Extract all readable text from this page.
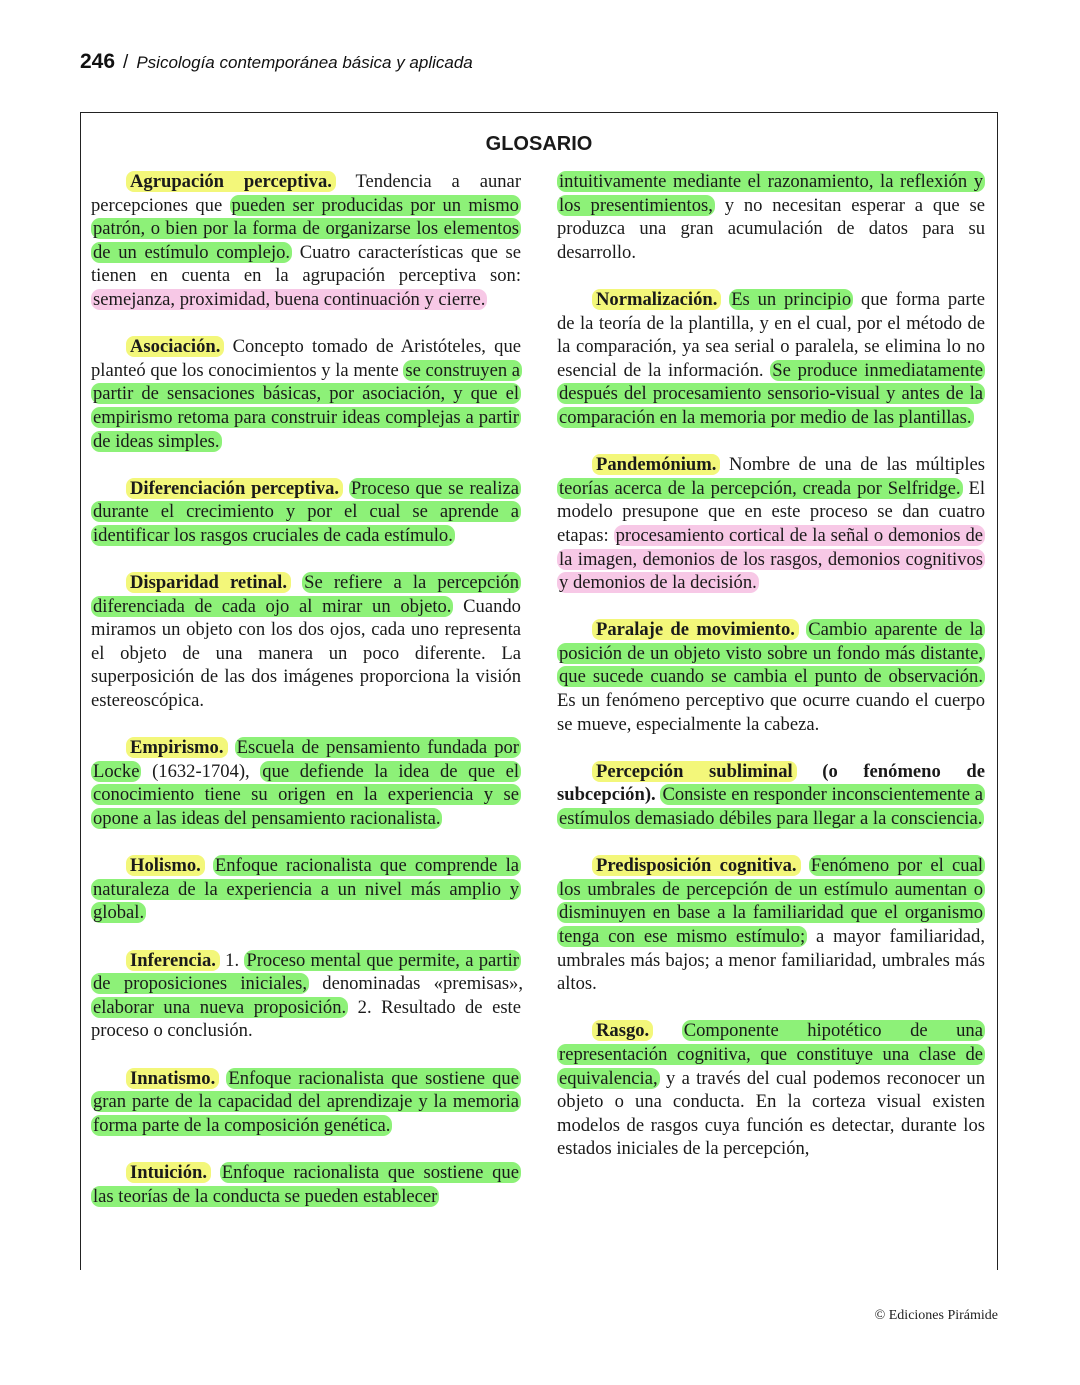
246 / Psicología contemporánea básica y aplicada
GLOSARIO

Agrupación perceptiva. Tendencia a aunar percepciones que pueden ser producidas por un mismo patrón, o bien por la forma de organizarse los elementos de un estímulo complejo. Cuatro características que se tienen en cuenta en la agrupación perceptiva son: semejanza, proximidad, buena continuación y cierre.

Asociación. Concepto tomado de Aristóteles, que planteó que los conocimientos y la mente se construyen a partir de sensaciones básicas, por asociación, y que el empirismo retoma para construir ideas complejas a partir de ideas simples.

Diferenciación perceptiva. Proceso que se realiza durante el crecimiento y por el cual se aprende a identificar los rasgos cruciales de cada estímulo.

Disparidad retinal. Se refiere a la percepción diferenciada de cada ojo al mirar un objeto. Cuando miramos un objeto con los dos ojos, cada uno representa el objeto de una manera un poco diferente. La superposición de las dos imágenes proporciona la visión estereoscópica.

Empirismo. Escuela de pensamiento fundada por Locke (1632-1704), que defiende la idea de que el conocimiento tiene su origen en la experiencia y se opone a las ideas del pensamiento racionalista.

Holismo. Enfoque racionalista que comprende la naturaleza de la experiencia a un nivel más amplio y global.

Inferencia. 1. Proceso mental que permite, a partir de proposiciones iniciales, denominadas «premisas», elaborar una nueva proposición. 2. Resultado de este proceso o conclusión.

Innatismo. Enfoque racionalista que sostiene que gran parte de la capacidad del aprendizaje y la memoria forma parte de la composición genética.

Intuición. Enfoque racionalista que sostiene que las teorías de la conducta se pueden establecer

intuitivamente mediante el razonamiento, la reflexión y los presentimientos, y no necesitan esperar a que se produzca una gran acumulación de datos para su desarrollo.

Normalización. Es un principio que forma parte de la teoría de la plantilla, y en el cual, por el método de la comparación, ya sea serial o paralela, se elimina lo no esencial de la información. Se produce inmediatamente después del procesamiento sensorio-visual y antes de la comparación en la memoria por medio de las plantillas.

Pandemónium. Nombre de una de las múltiples teorías acerca de la percepción, creada por Selfridge. El modelo presupone que en este proceso se dan cuatro etapas: procesamiento cortical de la señal o demonios de la imagen, demonios de los rasgos, demonios cognitivos y demonios de la decisión.

Paralaje de movimiento. Cambio aparente de la posición de un objeto visto sobre un fondo más distante, que sucede cuando se cambia el punto de observación. Es un fenómeno perceptivo que ocurre cuando el cuerpo se mueve, especialmente la cabeza.

Percepción subliminal (o fenómeno de subcepción). Consiste en responder inconscientemente a estímulos demasiado débiles para llegar a la consciencia.

Predisposición cognitiva. Fenómeno por el cual los umbrales de percepción de un estímulo aumentan o disminuyen en base a la familiaridad que el organismo tenga con ese mismo estímulo; a mayor familiaridad, umbrales más bajos; a menor familiaridad, umbrales más altos.

Rasgo. Componente hipotético de una representación cognitiva, que constituye una clase de equivalencia, y a través del cual podemos reconocer un objeto o una conducta. En la corteza visual existen modelos de rasgos cuya función es detectar, durante los estados iniciales de la percepción,

© Ediciones Pirámide
